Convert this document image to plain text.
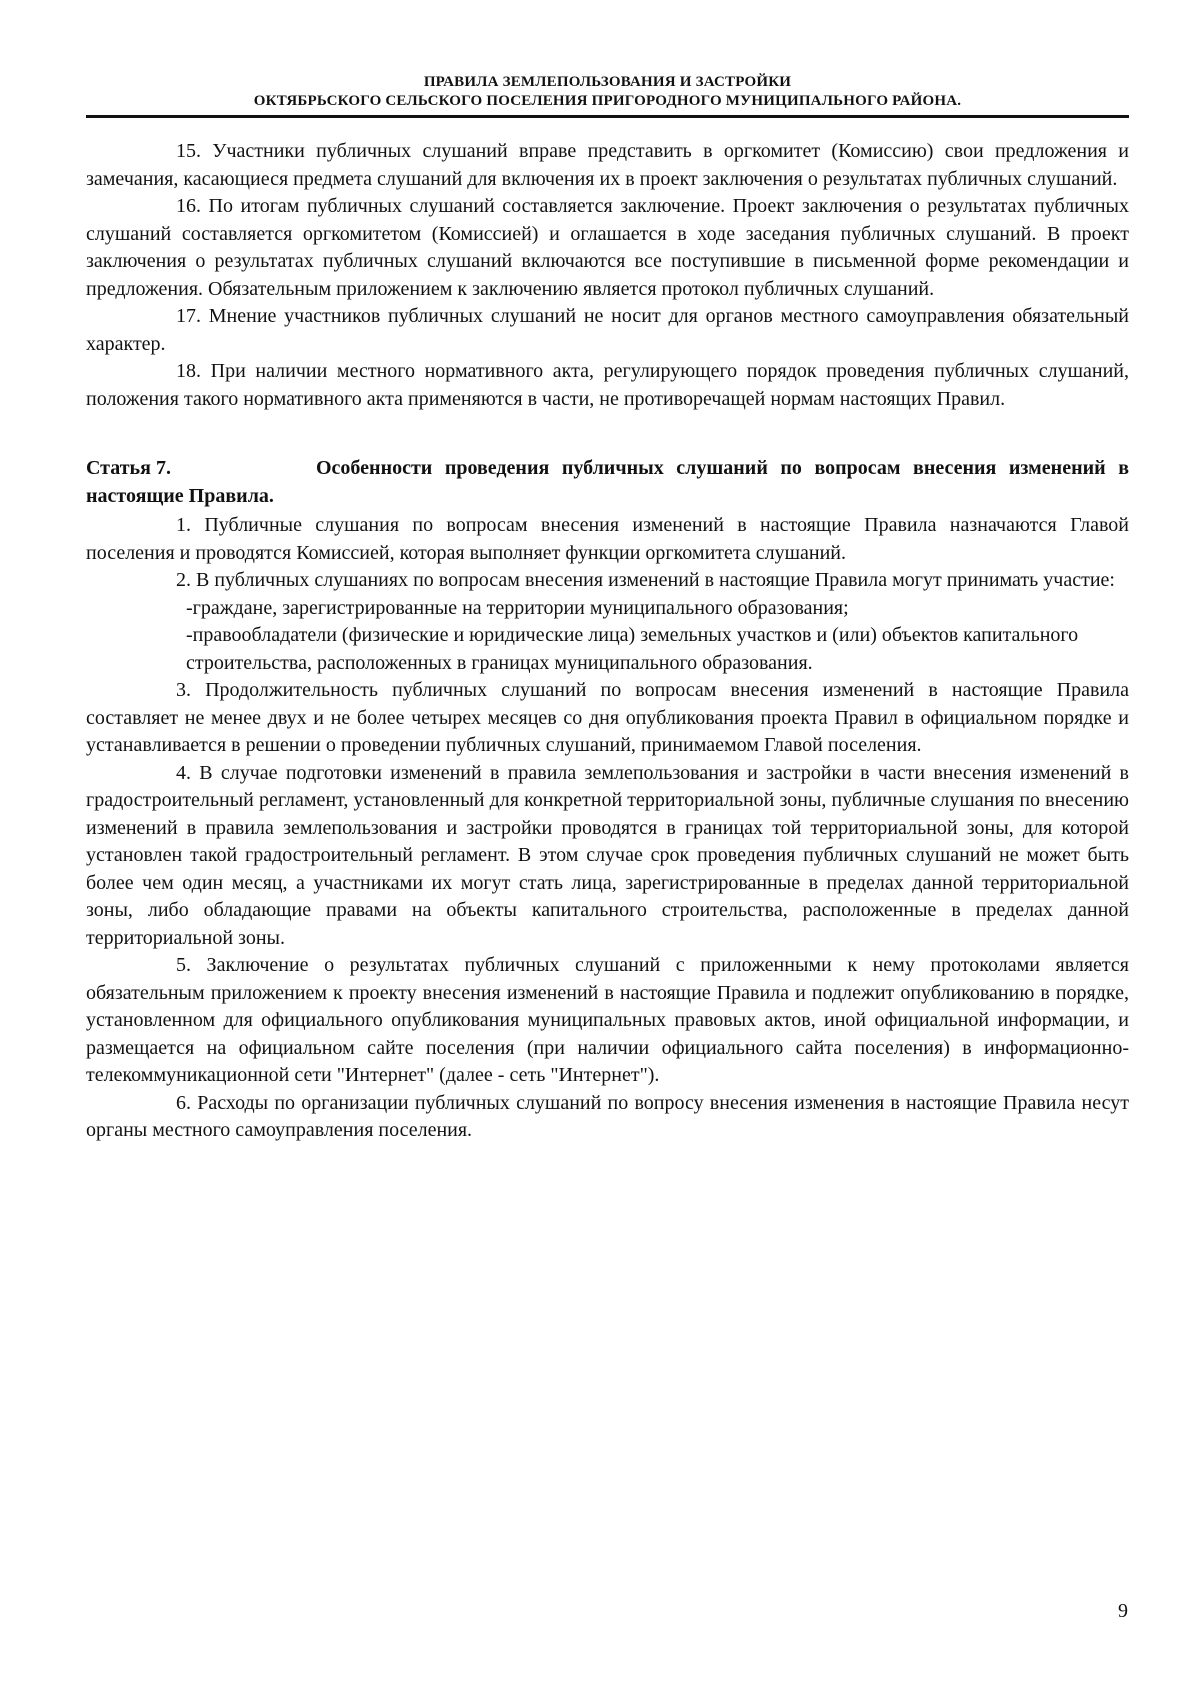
ПРАВИЛА ЗЕМЛЕПОЛЬЗОВАНИЯ И ЗАСТРОЙКИ
ОКТЯБРЬСКОГО СЕЛЬСКОГО ПОСЕЛЕНИЯ ПРИГОРОДНОГО МУНИЦИПАЛЬНОГО РАЙОНА.

15. Участники публичных слушаний вправе представить в оргкомитет (Комиссию) свои предложения и замечания, касающиеся предмета слушаний для включения их в проект заключения о результатах публичных слушаний.

16. По итогам публичных слушаний составляется заключение. Проект заключения о результатах публичных слушаний составляется оргкомитетом (Комиссией) и оглашается в ходе заседания публичных слушаний. В проект заключения о результатах публичных слушаний включаются все поступившие в письменной форме рекомендации и предложения. Обязательным приложением к заключению является протокол публичных слушаний.

17. Мнение участников публичных слушаний не носит для органов местного самоуправления обязательный характер.

18. При наличии местного нормативного акта, регулирующего порядок проведения публичных слушаний, положения такого нормативного акта применяются в части, не противоречащей нормам настоящих Правил.

Статья 7.	Особенности проведения публичных слушаний по вопросам внесения изменений в настоящие Правила.

1. Публичные слушания по вопросам внесения изменений в настоящие Правила назначаются Главой поселения и проводятся Комиссией, которая выполняет функции оргкомитета слушаний.

2. В публичных слушаниях по вопросам внесения изменений в настоящие Правила могут принимать участие:

-граждане, зарегистрированные на территории муниципального образования;

-правообладатели (физические и юридические лица) земельных участков и (или) объектов капитального строительства, расположенных в границах муниципального образования.

3. Продолжительность публичных слушаний по вопросам внесения изменений в настоящие Правила составляет не менее двух и не более четырех месяцев со дня опубликования проекта Правил в официальном порядке и устанавливается в решении о проведении публичных слушаний, принимаемом Главой поселения.

4. В случае подготовки изменений в правила землепользования и застройки в части внесения изменений в градостроительный регламент, установленный для конкретной территориальной зоны, публичные слушания по внесению изменений в правила землепользования и застройки проводятся в границах той территориальной зоны, для которой установлен такой градостроительный регламент. В этом случае срок проведения публичных слушаний не может быть более чем один месяц, а участниками их могут стать лица, зарегистрированные в пределах данной территориальной зоны, либо обладающие правами на объекты капитального строительства, расположенные в пределах данной территориальной зоны.

5. Заключение о результатах публичных слушаний с приложенными к нему протоколами является обязательным приложением к проекту внесения изменений в настоящие Правила и подлежит опубликованию в порядке, установленном для официального опубликования муниципальных правовых актов, иной официальной информации, и размещается на официальном сайте поселения (при наличии официального сайта поселения) в информационно-телекоммуникационной сети "Интернет" (далее - сеть "Интернет").

6. Расходы по организации публичных слушаний по вопросу внесения изменения в настоящие Правила несут органы местного самоуправления поселения.

9
